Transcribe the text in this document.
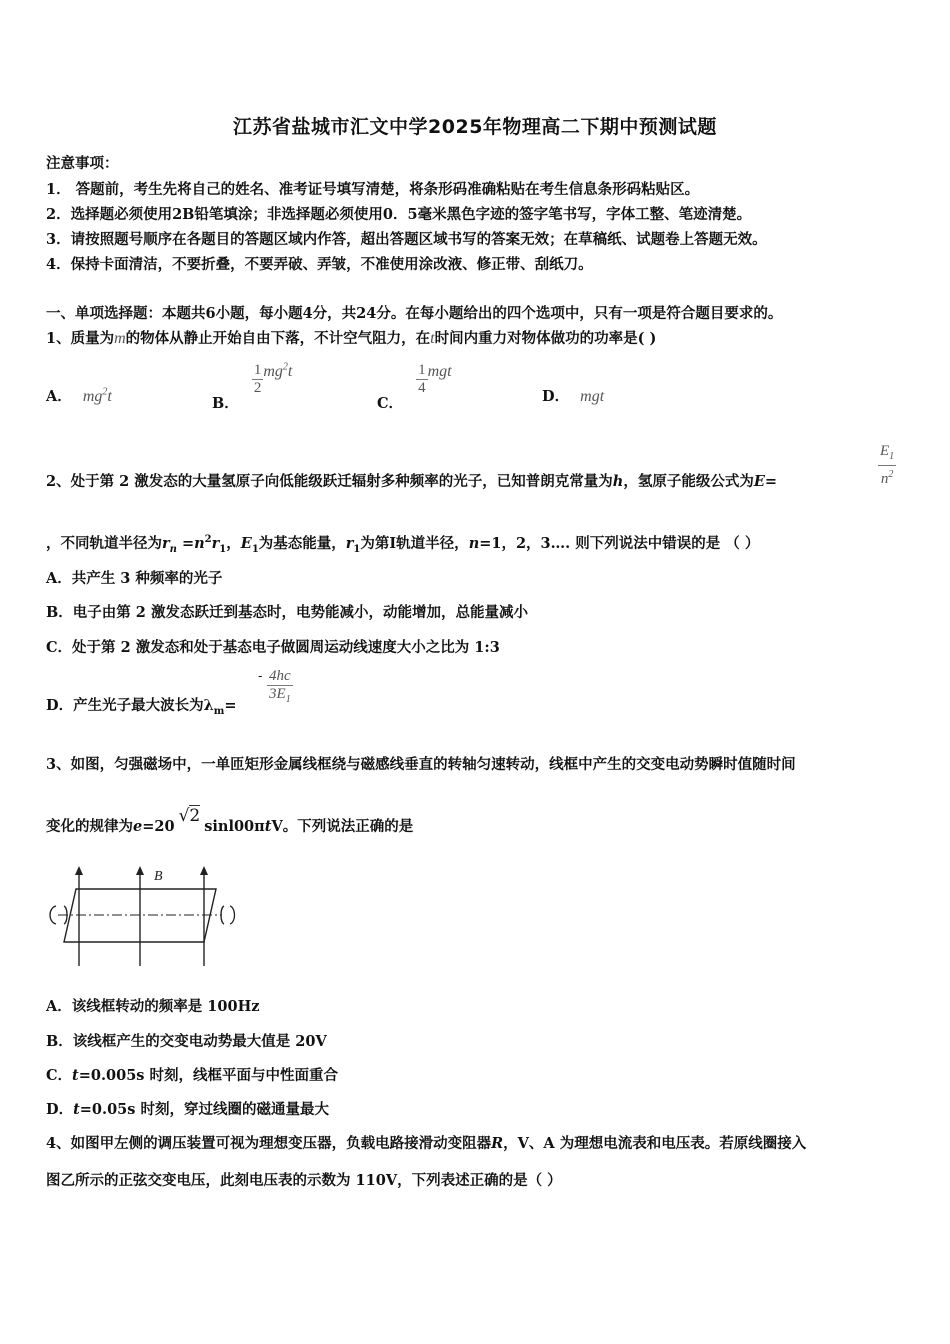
江苏省盐城市汇文中学2025年物理高二下期中预测试题
注意事项：
1． 答题前，考生先将自己的姓名、准考证号填写清楚，将条形码准确粘贴在考生信息条形码粘贴区。
2．选择题必须使用2B铅笔填涂；非选择题必须使用0．5毫米黑色字迹的签字笔书写，字体工整、笔迹清楚。
3．请按照题号顺序在各题目的答题区域内作答，超出答题区域书写的答案无效；在草稿纸、试题卷上答题无效。
4．保持卡面清洁，不要折叠，不要弄破、弄皱，不准使用涂改液、修正带、刮纸刀。
一、单项选择题：本题共6小题，每小题4分，共24分。在每小题给出的四个选项中，只有一项是符合题目要求的。
1、质量为m的物体从静止开始自由下落，不计空气阻力，在t时间内重力对物体做功的功率是( )
A． $mg^2t$	B．
$\frac{1}{2} mg^2t$
C．
$\frac{1}{4}$ mgt
D． mgt
2、处于第 2 激发态的大量氢原子向低能级跃迁辐射多种频率的光子，已知普朗克常量为h，氢原子能级公式为E=	$\frac{E_1}{n^2}$
，不同轨道半径为$r_n =n^2r_1$，$E_1$为基态能量，$r_1$为第Ⅰ轨道半径，n=1，2，3…. 则下列说法中错误的是 （ ）
A．共产生 3 种频率的光子
B．电子由第 2 激发态跃迁到基态时，电势能减小，动能增加，总能量减小
C．处于第 2 激发态和处于基态电子做圆周运动线速度大小之比为 1:3
D．产生光子最大波长为$\lambda_m=$
- $\frac{4hc}{3E_1}$
3、如图，匀强磁场中，一单匝矩形金属线框绕与磁感线垂直的转轴匀速转动，线框中产生的交变电动势瞬时值随时间
变化的规律为e=20√2sinl00πtV。下列说法正确的是
B
A．该线框转动的频率是 100Hz
B．该线框产生的交变电动势最大值是 20V
C．t=0.005s 时刻，线框平面与中性面重合
D．t=0.05s 时刻，穿过线圈的磁通量最大
4、如图甲左侧的调压装置可视为理想变压器，负载电路接滑动变阻器R，V、A 为理想电流表和电压表。若原线圈接入
图乙所示的正弦交变电压，此刻电压表的示数为 110V，下列表述正确的是（ ）
